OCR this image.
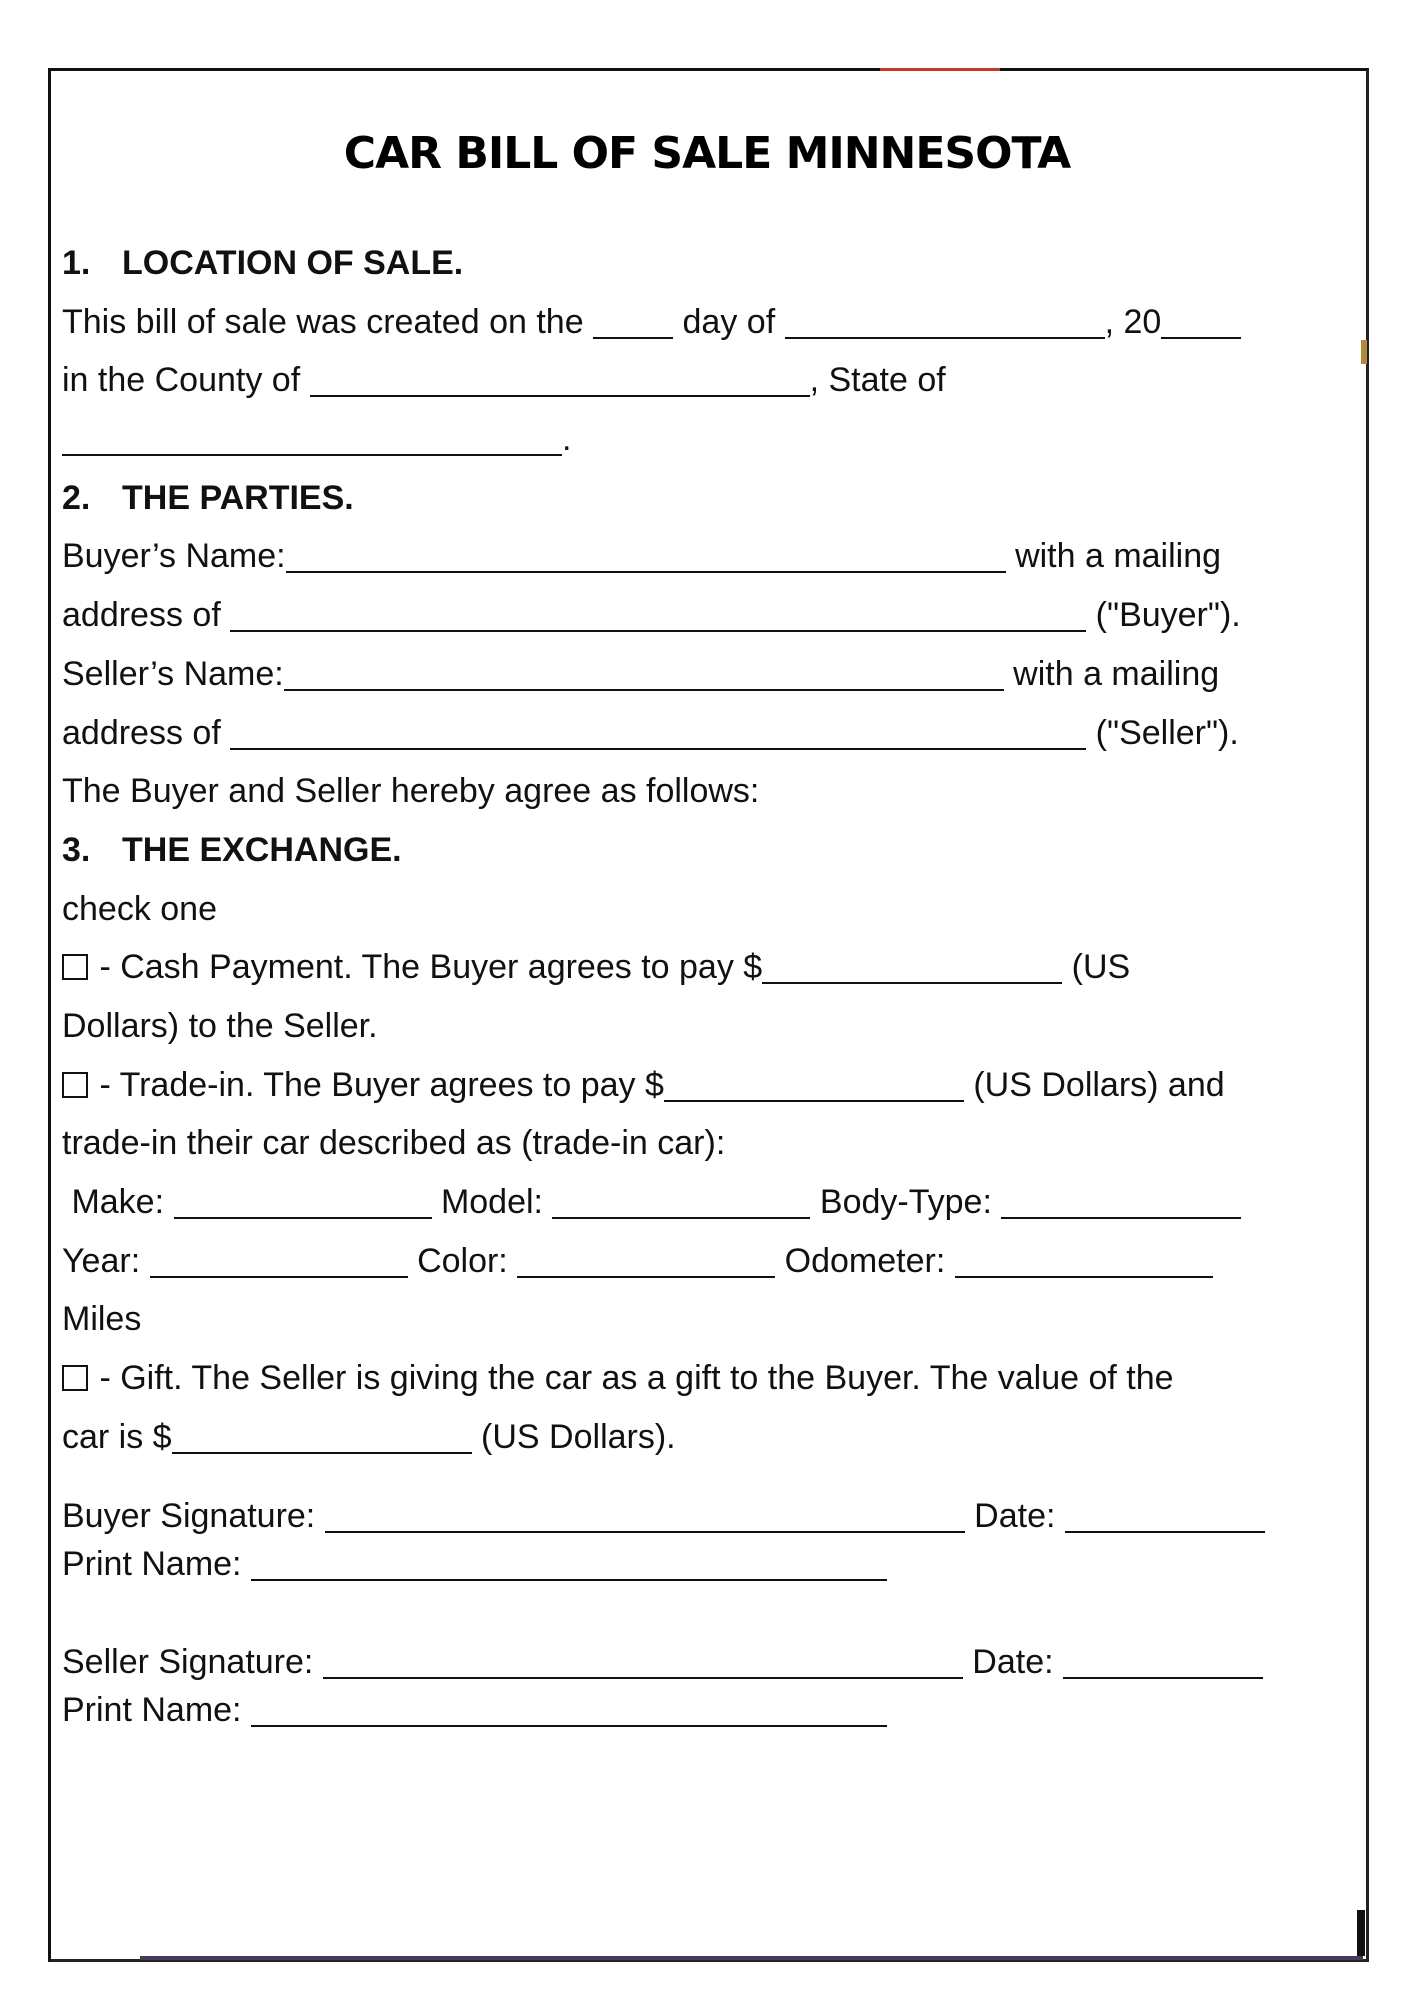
CAR BILL OF SALE MINNESOTA
1. LOCATION OF SALE.
This bill of sale was created on the	day of	, 20
in the County of	, State of
.
2. THE PARTIES.
Buyer’s Name:	with a mailing
address of	("Buyer").
Seller’s Name:	with a mailing
address of	("Seller").
The Buyer and Seller hereby agree as follows:
3. THE EXCHANGE.
check one
- Cash Payment. The Buyer agrees to pay $	(US
Dollars) to the Seller.
- Trade-in. The Buyer agrees to pay $	(US Dollars) and
trade-in their car described as (trade-in car):
Make:	Model:	Body-Type:
Year:	Color:	Odometer:
Miles
- Gift. The Seller is giving the car as a gift to the Buyer. The value of the
car is $	(US Dollars).
Buyer Signature:	Date:
Print Name:
Seller Signature:	Date:
Print Name:
